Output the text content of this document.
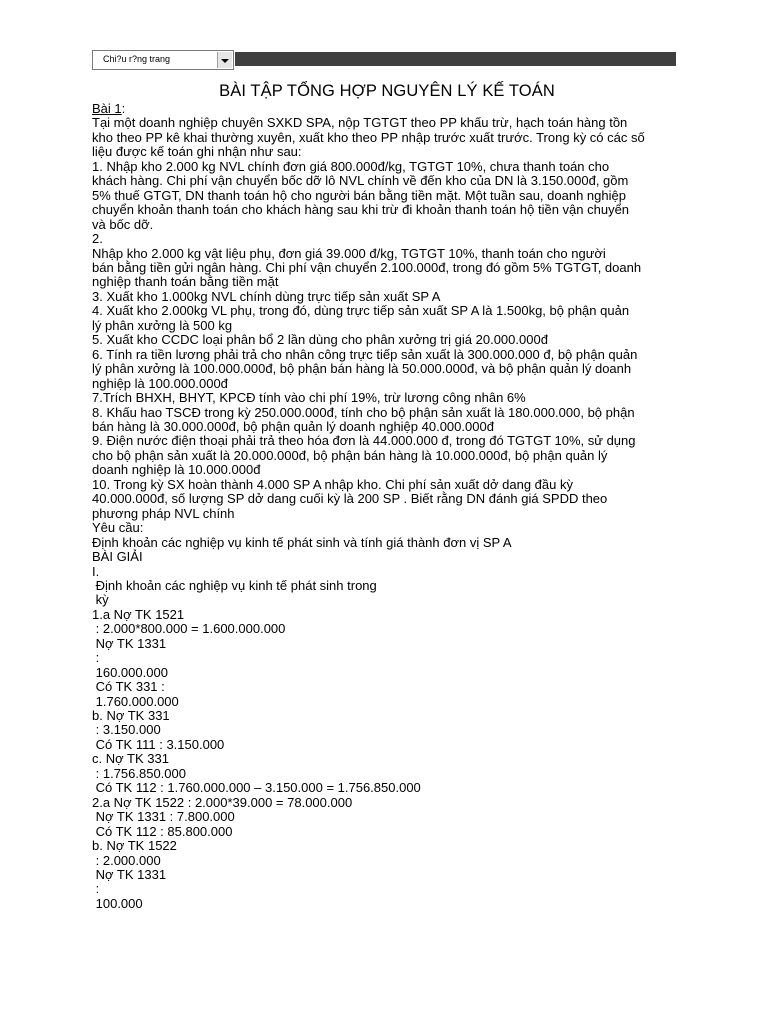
Chi?u r?ng trang
BÀI TẬP TỔNG HỢP NGUYÊN LÝ KẾ TOÁN
Bài 1:
Tại một doanh nghiệp chuyên SXKD SPA, nộp TGTGT theo PP khấu trừ, hạch toán hàng tồn
kho theo PP kê khai thường xuyên, xuất kho theo PP nhập trước xuất trước. Trong kỳ có các số
liệu được kế toán ghi nhận như sau:
1. Nhập kho 2.000 kg NVL chính đơn giá 800.000đ/kg, TGTGT 10%, chưa thanh toán cho
khách hàng. Chi phí vận chuyển bốc dỡ lô NVL chính về đến kho của DN là 3.150.000đ, gồm
5% thuế GTGT, DN thanh toán hộ cho người bán bằng tiền mặt. Một tuần sau, doanh nghiệp
chuyển khoản thanh toán cho khách hàng sau khi trừ đi khoản thanh toán hộ tiền vận chuyển
và bốc dỡ.
2.
Nhập kho 2.000 kg vật liệu phụ, đơn giá 39.000 đ/kg, TGTGT 10%, thanh toán cho người
bán bằng tiền gửi ngân hàng. Chi phí vận chuyển 2.100.000đ, trong đó gồm 5% TGTGT, doanh
nghiệp thanh toán bằng tiền mặt
3. Xuất kho 1.000kg NVL chính dùng trực tiếp sản xuất SP A
4. Xuất kho 2.000kg VL phụ, trong đó, dùng trực tiếp sản xuất SP A là 1.500kg, bộ phận quản
lý phân xưởng là 500 kg
5. Xuất kho CCDC loại phân bổ 2 lần dùng cho phân xưởng trị giá 20.000.000đ
6. Tính ra tiền lương phải trả cho nhân công trực tiếp sản xuất là 300.000.000 đ, bộ phận quản
lý phân xưởng là 100.000.000đ, bộ phận bán hàng là 50.000.000đ, và bộ phận quản lý doanh
nghiệp là 100.000.000đ
7.Trích BHXH, BHYT, KPCĐ tính vào chi phí 19%, trừ lương công nhân 6%
8. Khấu hao TSCĐ trong kỳ 250.000.000đ, tính cho bộ phận sản xuất là 180.000.000, bộ phận
bán hàng là 30.000.000đ, bộ phận quản lý doanh nghiệp 40.000.000đ
9. Điện nước điện thoại phải trả theo hóa đơn là 44.000.000 đ, trong đó TGTGT 10%, sử dụng
cho bộ phận sản xuất là 20.000.000đ, bộ phận bán hàng là 10.000.000đ, bộ phận quản lý
doanh nghiệp là 10.000.000đ
10. Trong kỳ SX hoàn thành 4.000 SP A nhập kho. Chi phí sản xuất dở dang đầu kỳ
40.000.000đ, số lượng SP dở dang cuối kỳ là 200 SP . Biết rằng DN đánh giá SPDD theo
phương pháp NVL chính
Yêu cầu:
Định khoản các nghiệp vụ kinh tế phát sinh và tính giá thành đơn vị SP A
BÀI GIẢI
I.
Định khoản các nghiệp vụ kinh tế phát sinh trong
kỳ
1.a Nợ TK 1521
: 2.000*800.000 = 1.600.000.000
Nợ TK 1331
:
160.000.000
Có TK 331 :
1.760.000.000
b. Nợ TK 331
: 3.150.000
Có TK 111 : 3.150.000
c. Nợ TK 331
: 1.756.850.000
Có TK 112 : 1.760.000.000 – 3.150.000 = 1.756.850.000
2.a Nợ TK 1522 : 2.000*39.000 = 78.000.000
Nợ TK 1331 : 7.800.000
Có TK 112 : 85.800.000
b. Nợ TK 1522
: 2.000.000
Nợ TK 1331
:
100.000
